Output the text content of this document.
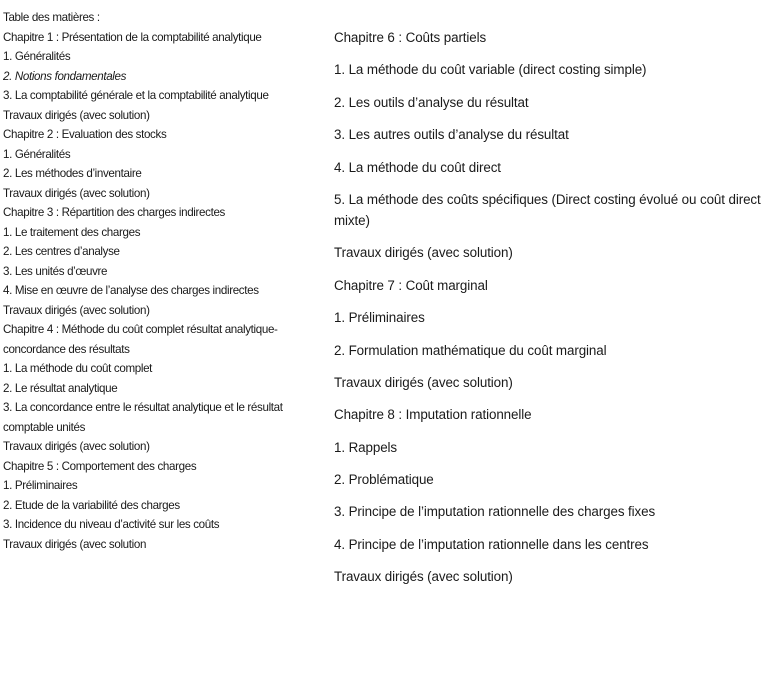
Table des matières :
Chapitre 1 : Présentation de la comptabilité analytique
1. Généralités
2. Notions fondamentales
3. La comptabilité générale et la comptabilité analytique
Travaux dirigés (avec solution)
Chapitre 2 : Evaluation des stocks
1. Généralités
2. Les méthodes d’inventaire
Travaux dirigés (avec solution)
Chapitre 3 : Répartition des charges indirectes
1. Le traitement des charges
2. Les centres d’analyse
3. Les unités d’œuvre
4. Mise en œuvre de l’analyse des charges indirectes
Travaux dirigés (avec solution)
Chapitre 4 : Méthode du coût complet résultat analytique-concordance des résultats
1. La méthode du coût complet
2. Le résultat analytique
3. La concordance entre le résultat analytique et le résultat comptable unités
Travaux dirigés (avec solution)
Chapitre 5 : Comportement des charges
1. Préliminaires
2. Etude de la variabilité des charges
3. Incidence du niveau d’activité sur les coûts
Travaux dirigés (avec solution
Chapitre 6 : Coûts partiels
1. La méthode du coût variable (direct costing simple)
2. Les outils d’analyse du résultat
3. Les autres outils d’analyse du résultat
4. La méthode du coût direct
5. La méthode des coûts spécifiques (Direct costing évolué ou coût direct mixte)
Travaux dirigés (avec solution)
Chapitre 7 : Coût marginal
1. Préliminaires
2. Formulation mathématique du coût marginal
Travaux dirigés (avec solution)
Chapitre 8 : Imputation rationnelle
1. Rappels
2. Problématique
3. Principe de l’imputation rationnelle des charges fixes
4. Principe de l’imputation rationnelle dans les centres
Travaux dirigés (avec solution)
